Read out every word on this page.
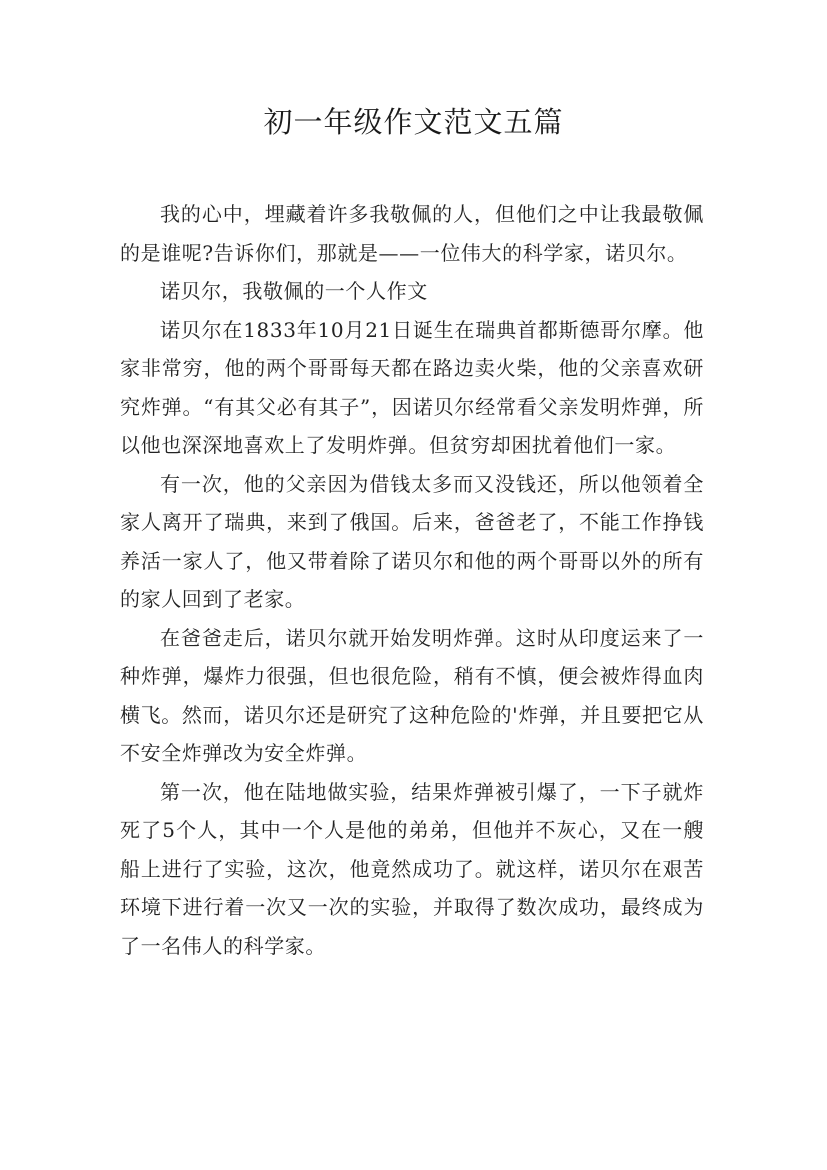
初一年级作文范文五篇

我的心中，埋藏着许多我敬佩的人，但他们之中让我最敬佩的是谁呢?告诉你们，那就是——一位伟大的科学家，诺贝尔。

诺贝尔，我敬佩的一个人作文

诺贝尔在1833年10月21日诞生在瑞典首都斯德哥尔摩。他家非常穷，他的两个哥哥每天都在路边卖火柴，他的父亲喜欢研究炸弹。“有其父必有其子”，因诺贝尔经常看父亲发明炸弹，所以他也深深地喜欢上了发明炸弹。但贫穷却困扰着他们一家。

有一次，他的父亲因为借钱太多而又没钱还，所以他领着全家人离开了瑞典，来到了俄国。后来，爸爸老了，不能工作挣钱养活一家人了，他又带着除了诺贝尔和他的两个哥哥以外的所有的家人回到了老家。

在爸爸走后，诺贝尔就开始发明炸弹。这时从印度运来了一种炸弹，爆炸力很强，但也很危险，稍有不慎，便会被炸得血肉横飞。然而，诺贝尔还是研究了这种危险的'炸弹，并且要把它从不安全炸弹改为安全炸弹。

第一次，他在陆地做实验，结果炸弹被引爆了，一下子就炸死了5个人，其中一个人是他的弟弟，但他并不灰心，又在一艘船上进行了实验，这次，他竟然成功了。就这样，诺贝尔在艰苦环境下进行着一次又一次的实验，并取得了数次成功，最终成为了一名伟人的科学家。
